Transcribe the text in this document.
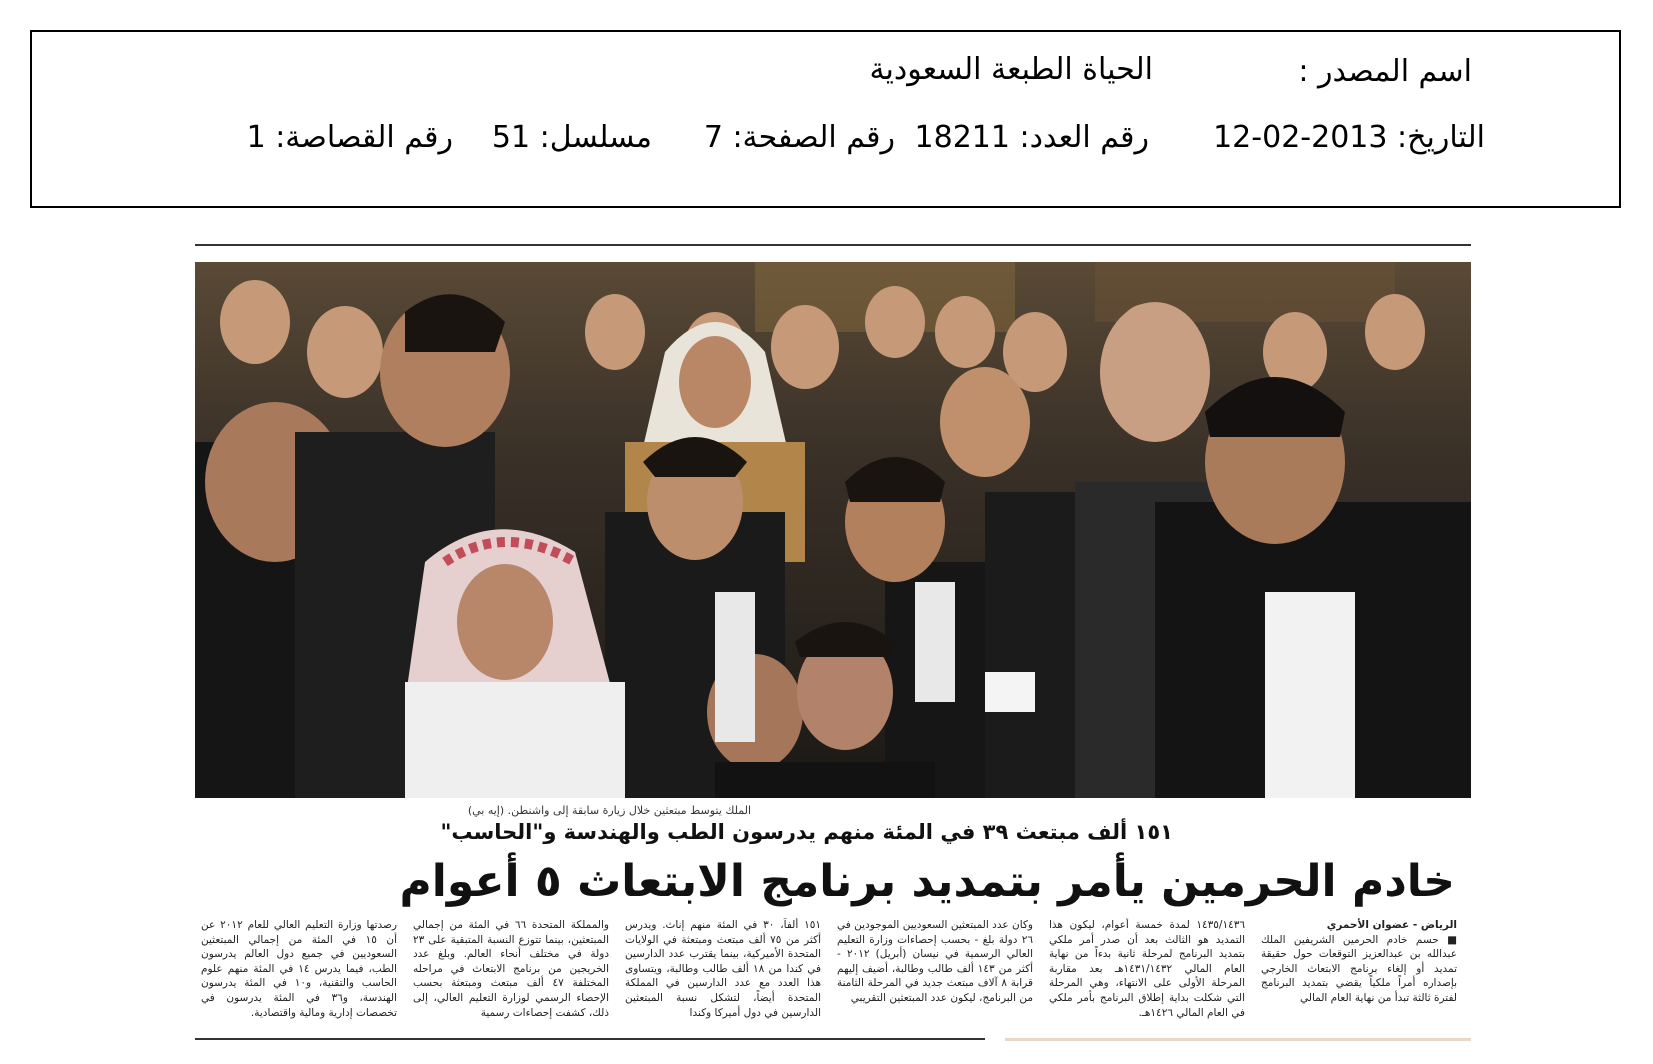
اسم المصدر :
الحياة الطبعة السعودية
التاريخ: 2013-02-12
رقم العدد: 18211
رقم الصفحة: 7
مسلسل: 51
رقم القصاصة: 1
الملك يتوسط مبتعثين خلال زيارة سابقة إلى واشنطن. (إيه بي)
١٥١ ألف مبتعث ٣٩ في المئة منهم يدرسون الطب والهندسة و"الحاسب"
خادم الحرمين يأمر بتمديد برنامج الابتعاث ٥ أعوام
الرياض - عضوان الأحمري
■ حسم خادم الحرمين الشريفين الملك عبدالله بن عبدالعزيز التوقعات حول حقيقة تمديد أو إلغاء برنامج الابتعاث الخارجي بإصداره أمراً ملكياً يقضي بتمديد البرنامج لفترة ثالثة تبدأ من نهاية العام المالي
١٤٣٥/١٤٣٦ لمدة خمسة أعوام، ليكون هذا التمديد هو الثالث بعد أن صدر أمر ملكي بتمديد البرنامج لمرحلة ثانية بدءاً من نهاية العام المالي ١٤٣١/١٤٣٢هـ بعد مقاربة المرحلة الأولى على الانتهاء، وهي المرحلة التي شكلت بداية إطلاق البرنامج بأمر ملكي في العام المالي ١٤٢٦هـ.
وكان عدد المبتعثين السعوديين الموجودين في ٢٦ دولة بلغ - بحسب إحصاءات وزارة التعليم العالي الرسمية في نيسان (أبريل) ٢٠١٢ - أكثر من ١٤٣ ألف طالب وطالبة، أضيف إليهم قرابة ٨ آلاف مبتعث جديد في المرحلة الثامنة من البرنامج، ليكون عدد المبتعثين التقريبي
١٥١ ألفاً، ٣٠ في المئة منهم إناث. ويدرس أكثر من ٧٥ ألف مبتعث ومبتعثة في الولايات المتحدة الأميركية، بينما يقترب عدد الدارسين في كندا من ١٨ ألف طالب وطالبة، ويتساوى هذا العدد مع عدد الدارسين في المملكة المتحدة أيضاً، لتشكل نسبة المبتعثين الدارسين في دول أميركا وكندا
والمملكة المتحدة ٦٦ في المئة من إجمالي المبتعثين، بينما تتوزع النسبة المتبقية على ٢٣ دولة في مختلف أنحاء العالم. وبلغ عدد الخريجين من برنامج الابتعاث في مراحله المختلفة ٤٧ ألف مبتعث ومبتعثة بحسب الإحصاء الرسمي لوزارة التعليم العالي، إلى ذلك، كشفت إحصاءات رسمية
رصدتها وزارة التعليم العالي للعام ٢٠١٢ عن أن ١٥ في المئة من إجمالي المبتعثين السعوديين في جميع دول العالم يدرسون الطب، فيما يدرس ١٤ في المئة منهم علوم الحاسب والتقنية، و١٠ في المئة يدرسون الهندسة، و٣٦ في المئة يدرسون في تخصصات إدارية ومالية واقتصادية.
